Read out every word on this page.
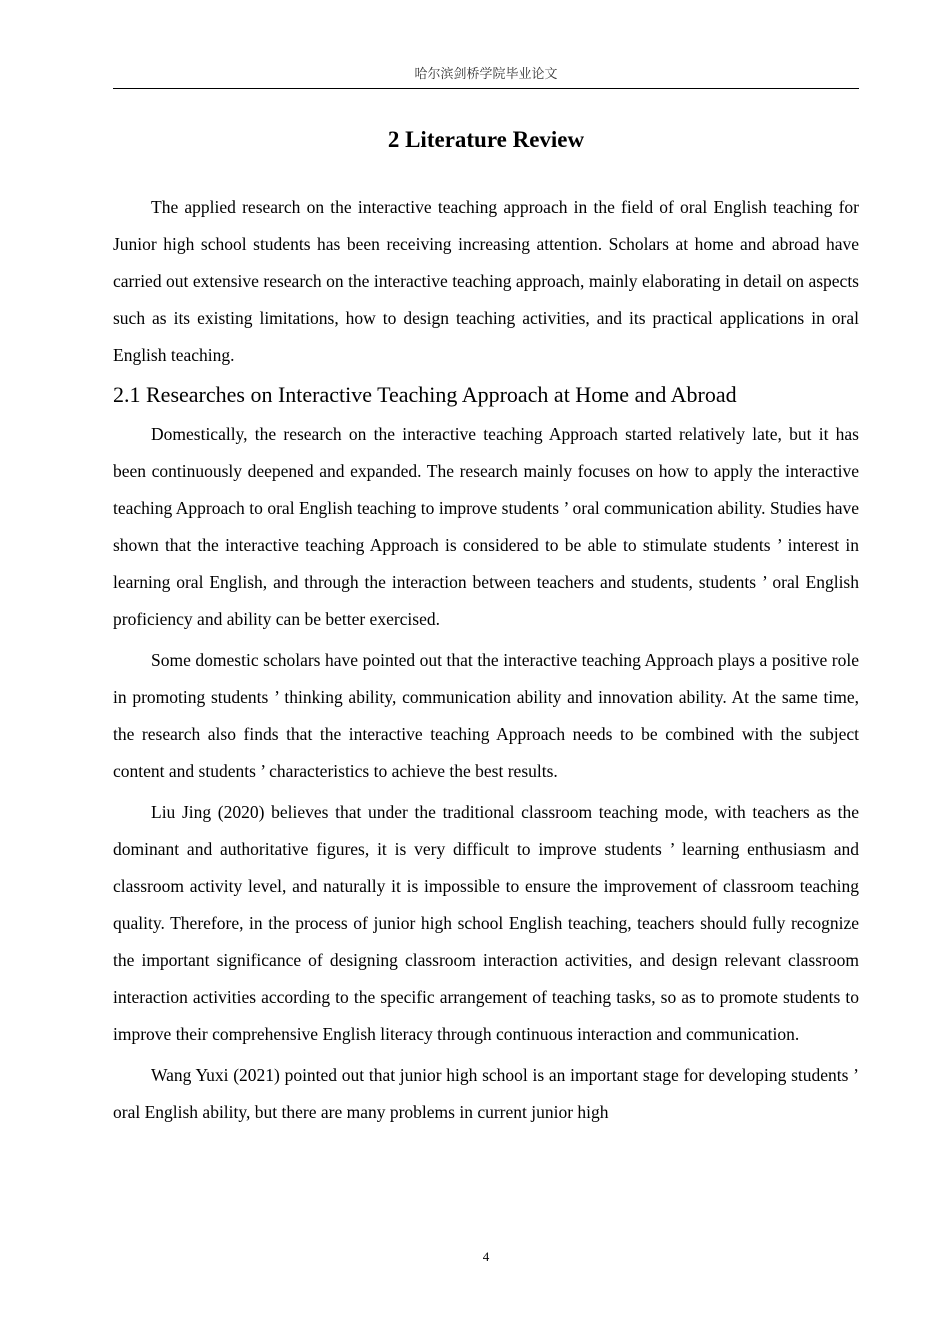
哈尔滨剑桥学院毕业论文
2 Literature Review

The applied research on the interactive teaching approach in the field of oral English teaching for Junior high school students has been receiving increasing attention. Scholars at home and abroad have carried out extensive research on the interactive teaching approach, mainly elaborating in detail on aspects such as its existing limitations, how to design teaching activities, and its practical applications in oral English teaching.

2.1 Researches on Interactive Teaching Approach at Home and Abroad

Domestically, the research on the interactive teaching Approach started relatively late, but it has been continuously deepened and expanded. The research mainly focuses on how to apply the interactive teaching Approach to oral English teaching to improve students ’ oral communication ability. Studies have shown that the interactive teaching Approach is considered to be able to stimulate students ’ interest in learning oral English, and through the interaction between teachers and students, students ’ oral English proficiency and ability can be better exercised.

Some domestic scholars have pointed out that the interactive teaching Approach plays a positive role in promoting students ’ thinking ability, communication ability and innovation ability. At the same time, the research also finds that the interactive teaching Approach needs to be combined with the subject content and students ’ characteristics to achieve the best results.

Liu Jing (2020) believes that under the traditional classroom teaching mode, with teachers as the dominant and authoritative figures, it is very difficult to improve students ’ learning enthusiasm and classroom activity level, and naturally it is impossible to ensure the improvement of classroom teaching quality. Therefore, in the process of junior high school English teaching, teachers should fully recognize the important significance of designing classroom interaction activities, and design relevant classroom interaction activities according to the specific arrangement of teaching tasks, so as to promote students to improve their comprehensive English literacy through continuous interaction and communication.

Wang Yuxi (2021) pointed out that junior high school is an important stage for developing students ’ oral English ability, but there are many problems in current junior high

4
